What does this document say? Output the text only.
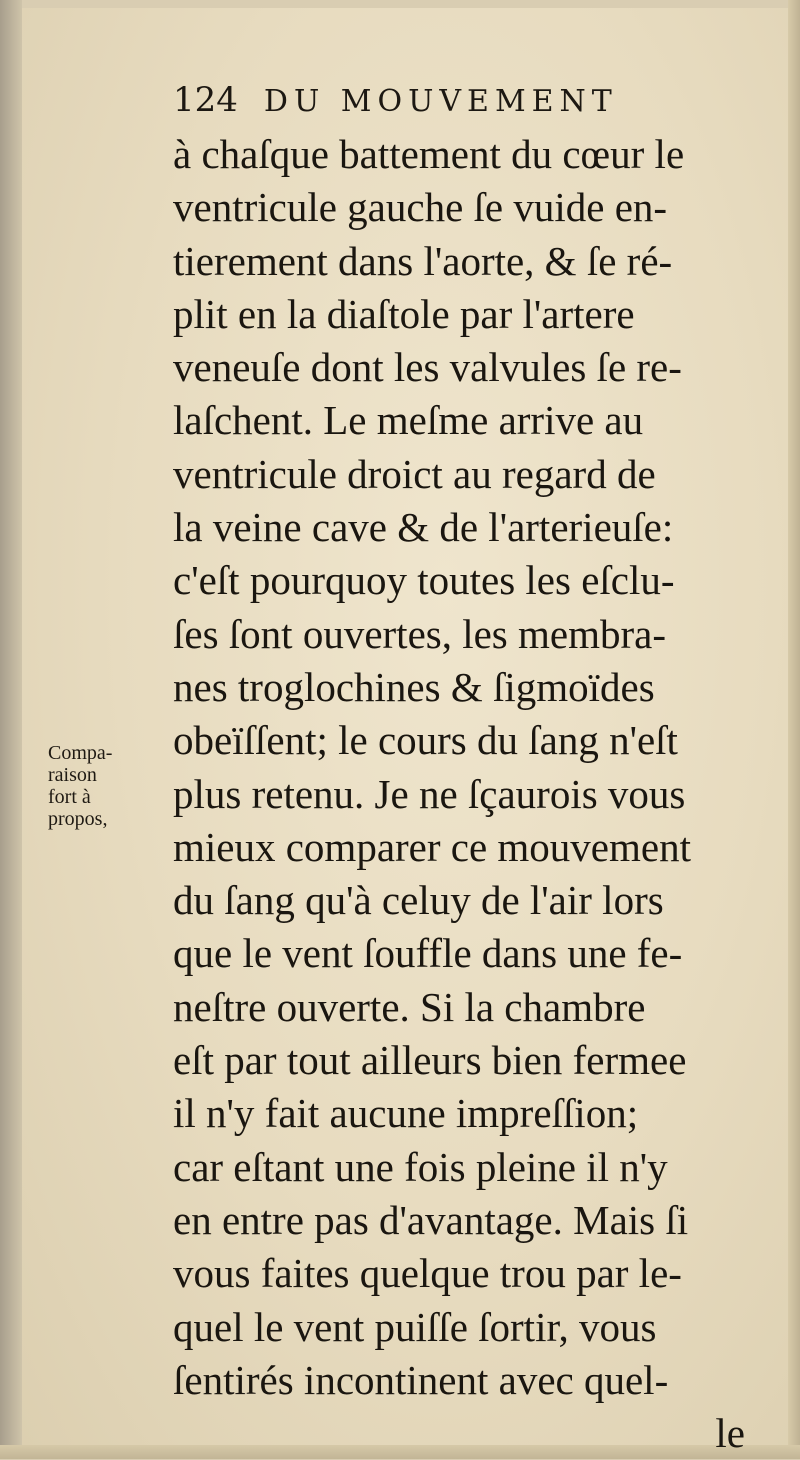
124 DU MOUVEMENT
Compa-
raison
fort à
propos,
à chaſque battement du cœur le
ventricule gauche ſe vuide en-
tierement dans l'aorte, & ſe ré-
plit en la diaſtole par l'artere
veneuſe dont les valvules ſe re-
laſchent. Le meſme arrive au
ventricule droict au regard de
la veine cave & de l'arterieuſe:
c'eſt pourquoy toutes les eſclu-
ſes ſont ouvertes, les membra-
nes troglochines & ſigmoïdes
obeïſſent; le cours du ſang n'eſt
plus retenu. Je ne ſçaurois vous
mieux comparer ce mouvement
du ſang qu'à celuy de l'air lors
que le vent ſouffle dans une fe-
neſtre ouverte. Si la chambre
eſt par tout ailleurs bien fermee
il n'y fait aucune impreſſion;
car eſtant une fois pleine il n'y
en entre pas d'avantage. Mais ſi
vous faites quelque trou par le-
quel le vent puiſſe ſortir, vous
ſentirés incontinent avec quel-
le
